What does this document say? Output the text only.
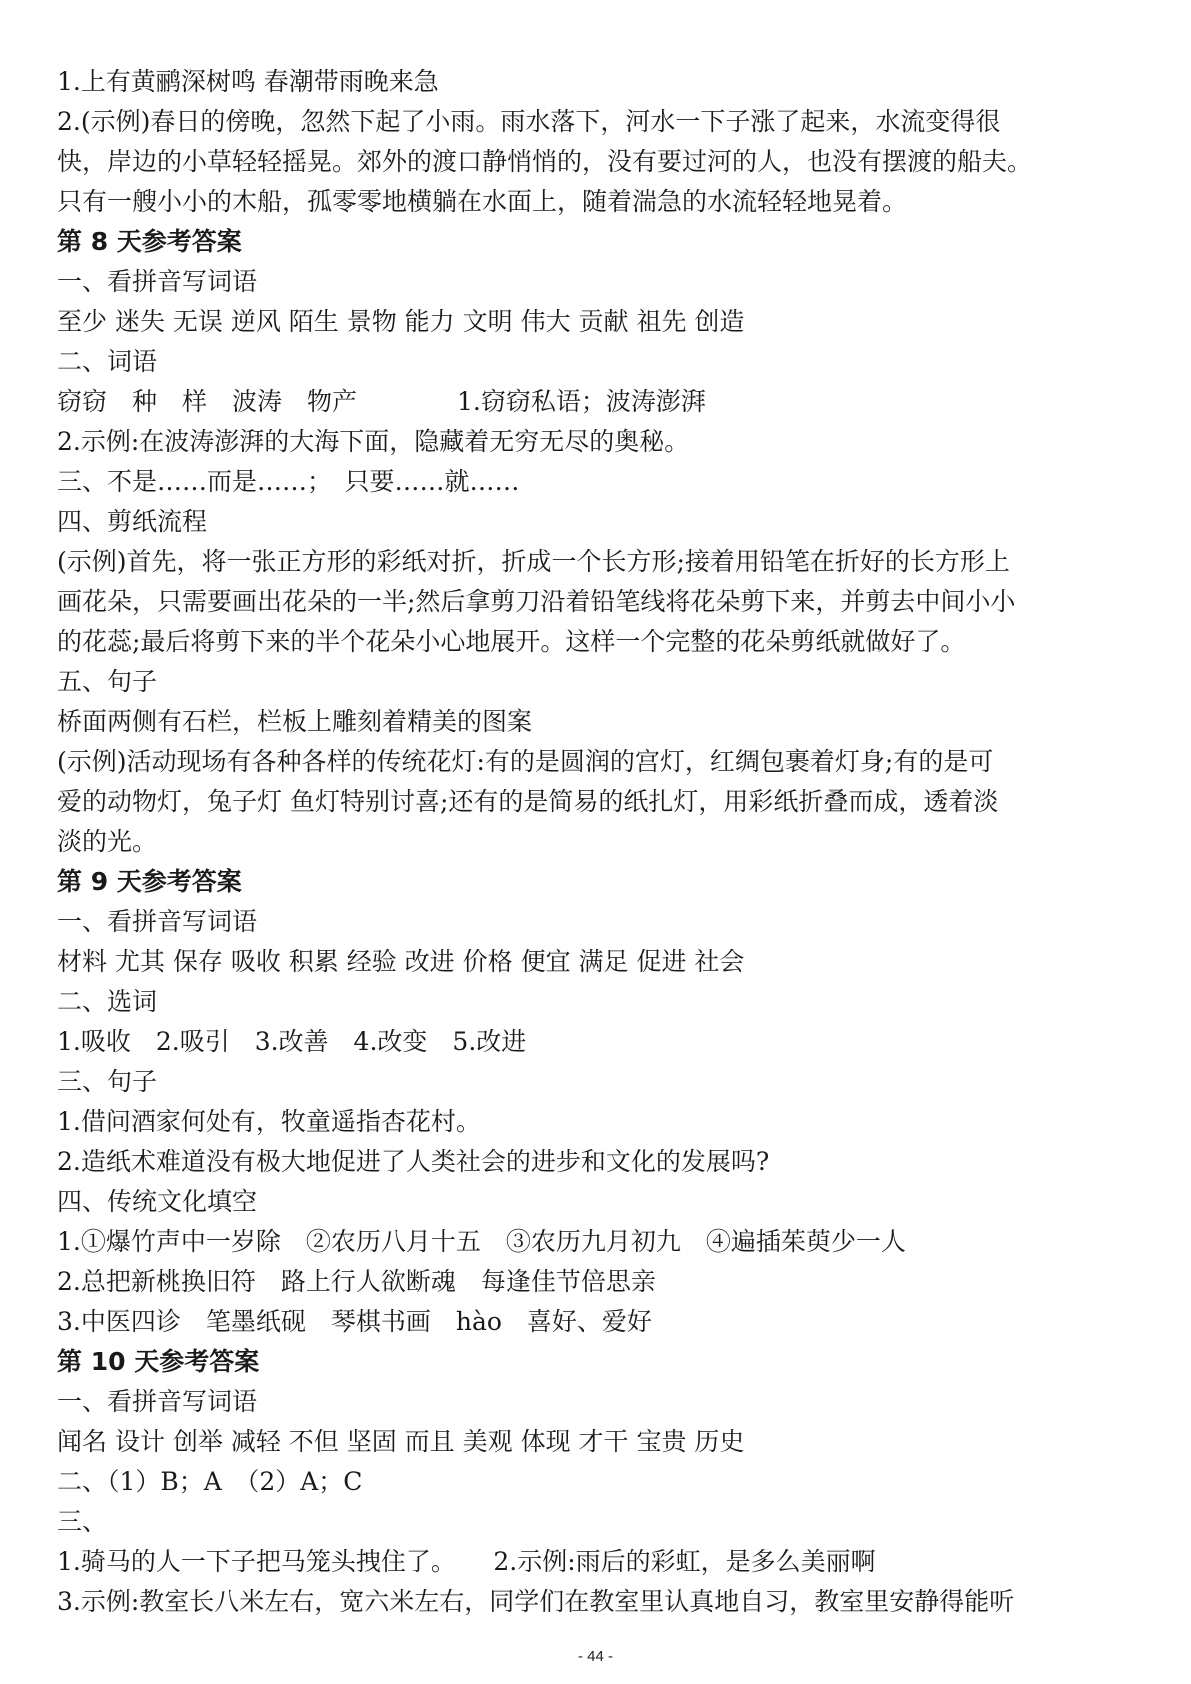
1.上有黄鹂深树鸣 春潮带雨晚来急
2.(示例)春日的傍晚，忽然下起了小雨。雨水落下，河水一下子涨了起来，水流变得很
快，岸边的小草轻轻摇晃。郊外的渡口静悄悄的，没有要过河的人，也没有摆渡的船夫。
只有一艘小小的木船，孤零零地横躺在水面上，随着湍急的水流轻轻地晃着。
第 8 天参考答案
一、看拼音写词语
至少 迷失 无误 逆风 陌生 景物 能力 文明 伟大 贡献 祖先 创造
二、词语
窃窃　种　样　波涛　物产　　　　1.窃窃私语；波涛澎湃
2.示例:在波涛澎湃的大海下面，隐藏着无穷无尽的奥秘。
三、不是……而是……；　只要……就……
四、剪纸流程
(示例)首先，将一张正方形的彩纸对折，折成一个长方形;接着用铅笔在折好的长方形上
画花朵，只需要画出花朵的一半;然后拿剪刀沿着铅笔线将花朵剪下来，并剪去中间小小
的花蕊;最后将剪下来的半个花朵小心地展开。这样一个完整的花朵剪纸就做好了。
五、句子
桥面两侧有石栏，栏板上雕刻着精美的图案
(示例)活动现场有各种各样的传统花灯:有的是圆润的宫灯，红绸包裹着灯身;有的是可
爱的动物灯，兔子灯 鱼灯特别讨喜;还有的是简易的纸扎灯，用彩纸折叠而成，透着淡
淡的光。
第 9 天参考答案
一、看拼音写词语
材料 尤其 保存 吸收 积累 经验 改进 价格 便宜 满足 促进 社会
二、选词
1.吸收　2.吸引　3.改善　4.改变　5.改进
三、句子
1.借问酒家何处有，牧童遥指杏花村。
2.造纸术难道没有极大地促进了人类社会的进步和文化的发展吗?
四、传统文化填空
1.①爆竹声中一岁除　②农历八月十五　③农历九月初九　④遍插茱萸少一人
2.总把新桃换旧符　路上行人欲断魂　每逢佳节倍思亲
3.中医四诊　笔墨纸砚　琴棋书画　hào　喜好、爱好
第 10 天参考答案
一、看拼音写词语
闻名 设计 创举 减轻 不但 坚固 而且 美观 体现 才干 宝贵 历史
二、（1）B；A　（2）A；C
三、
1.骑马的人一下子把马笼头拽住了。　　2.示例:雨后的彩虹，是多么美丽啊
3.示例:教室长八米左右，宽六米左右，同学们在教室里认真地自习，教室里安静得能听
- 44 -
